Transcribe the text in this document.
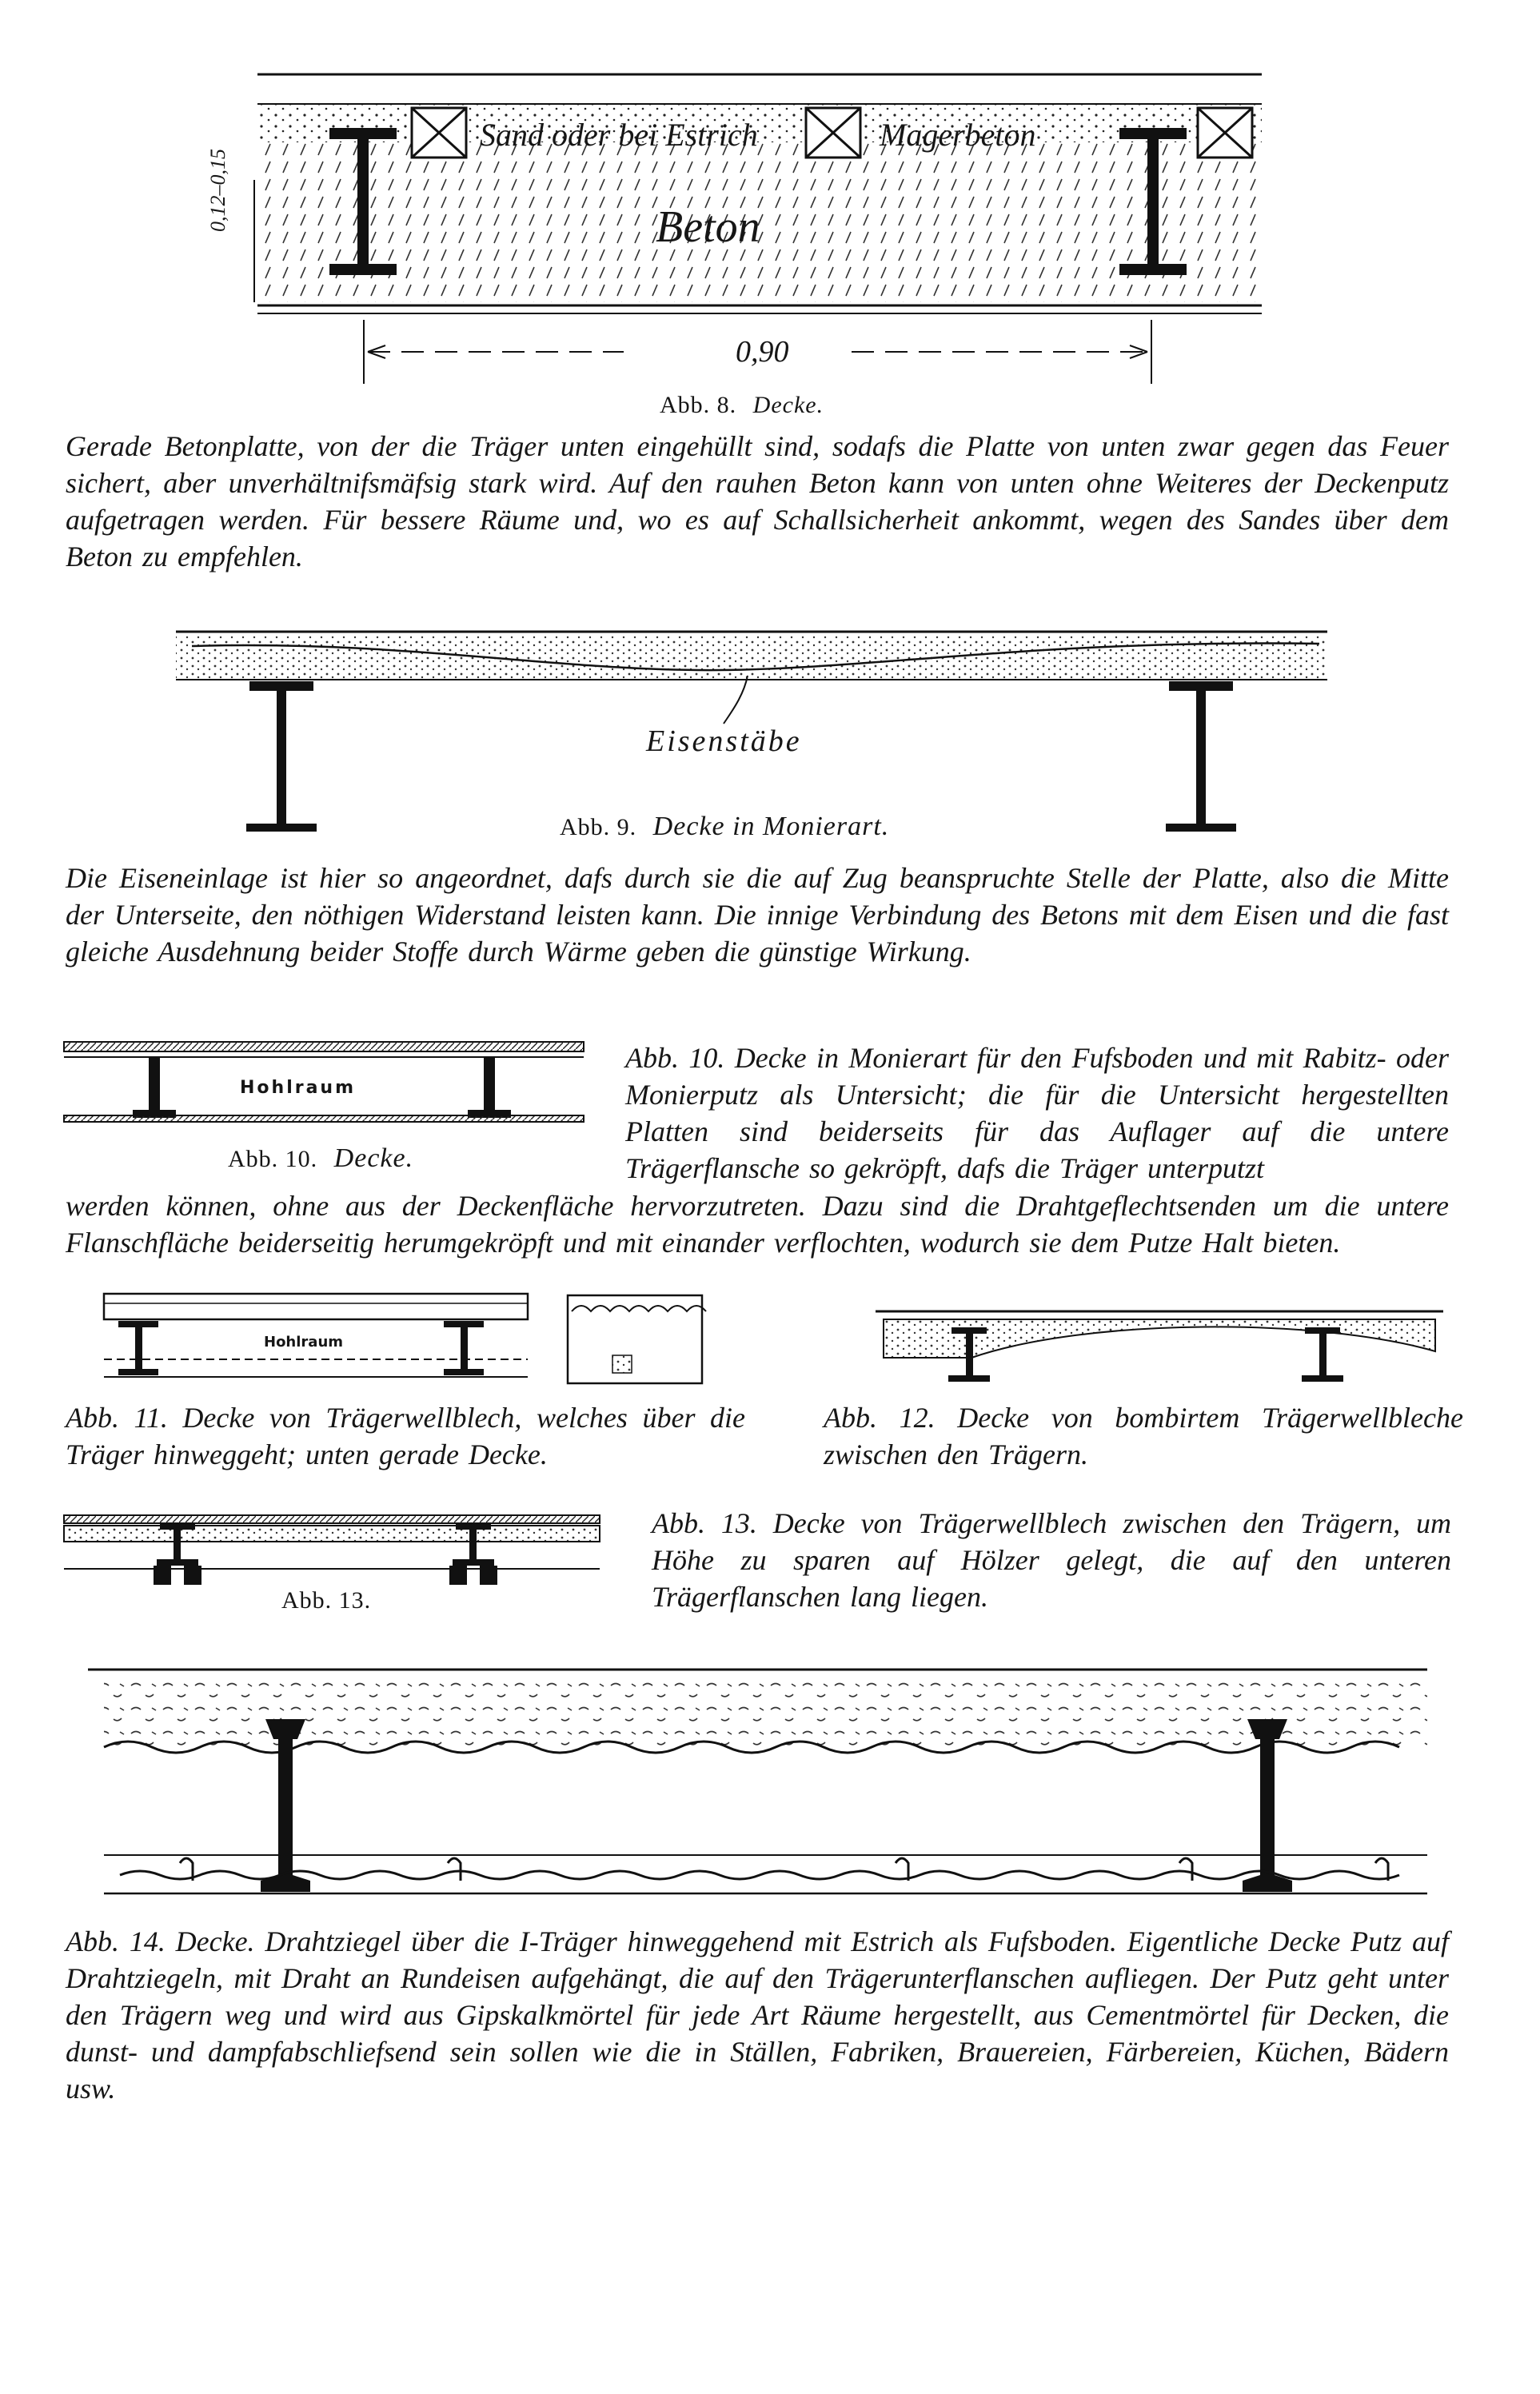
Sand oder bei Estrich	Magerbeton
Beton
0,12–0,15
0,90
Abb. 8. Decke.
Gerade Betonplatte, von der die Träger unten eingehüllt sind, sodafs die Platte von unten zwar gegen das Feuer sichert, aber unverhältnifsmäfsig stark wird. Auf den rauhen Beton kann von unten ohne Weiteres der Deckenputz aufgetragen werden. Für bessere Räume und, wo es auf Schallsicherheit ankommt, wegen des Sandes über dem Beton zu empfehlen.
Eisenstäbe
Abb. 9. Decke in Monierart.
Die Eiseneinlage ist hier so angeordnet, dafs durch sie die auf Zug beanspruchte Stelle der Platte, also die Mitte der Unterseite, den nöthigen Widerstand leisten kann. Die innige Verbindung des Betons mit dem Eisen und die fast gleiche Ausdehnung beider Stoffe durch Wärme geben die günstige Wirkung.
Hohlraum
Abb. 10. Decke.
Abb. 10. Decke in Monierart für den Fufsboden und mit Rabitz- oder Monierputz als Untersicht; die für die Untersicht hergestellten Platten sind beiderseits für das Auflager auf die untere Trägerflansche so gekröpft, dafs die Träger unterputzt
werden können, ohne aus der Deckenfläche hervorzutreten. Dazu sind die Drahtgeflechtsenden um die untere Flanschfläche beiderseitig herumgekröpft und mit einander verflochten, wodurch sie dem Putze Halt bieten.
Hohlraum
Abb. 11. Decke von Trägerwellblech, welches über die Träger hinweggeht; unten gerade Decke.
Abb. 12. Decke von bombirtem Trägerwellbleche zwischen den Trägern.
Abb. 13.
Abb. 13. Decke von Trägerwellblech zwischen den Trägern, um Höhe zu sparen auf Hölzer gelegt, die auf den unteren Trägerflanschen lang liegen.
Abb. 14. Decke. Drahtziegel über die I-Träger hinweggehend mit Estrich als Fufsboden. Eigentliche Decke Putz auf Drahtziegeln, mit Draht an Rundeisen aufgehängt, die auf den Trägerunterflanschen aufliegen. Der Putz geht unter den Trägern weg und wird aus Gipskalkmörtel für jede Art Räume hergestellt, aus Cementmörtel für Decken, die dunst- und dampfabschliefsend sein sollen wie die in Ställen, Fabriken, Brauereien, Färbereien, Küchen, Bädern usw.
